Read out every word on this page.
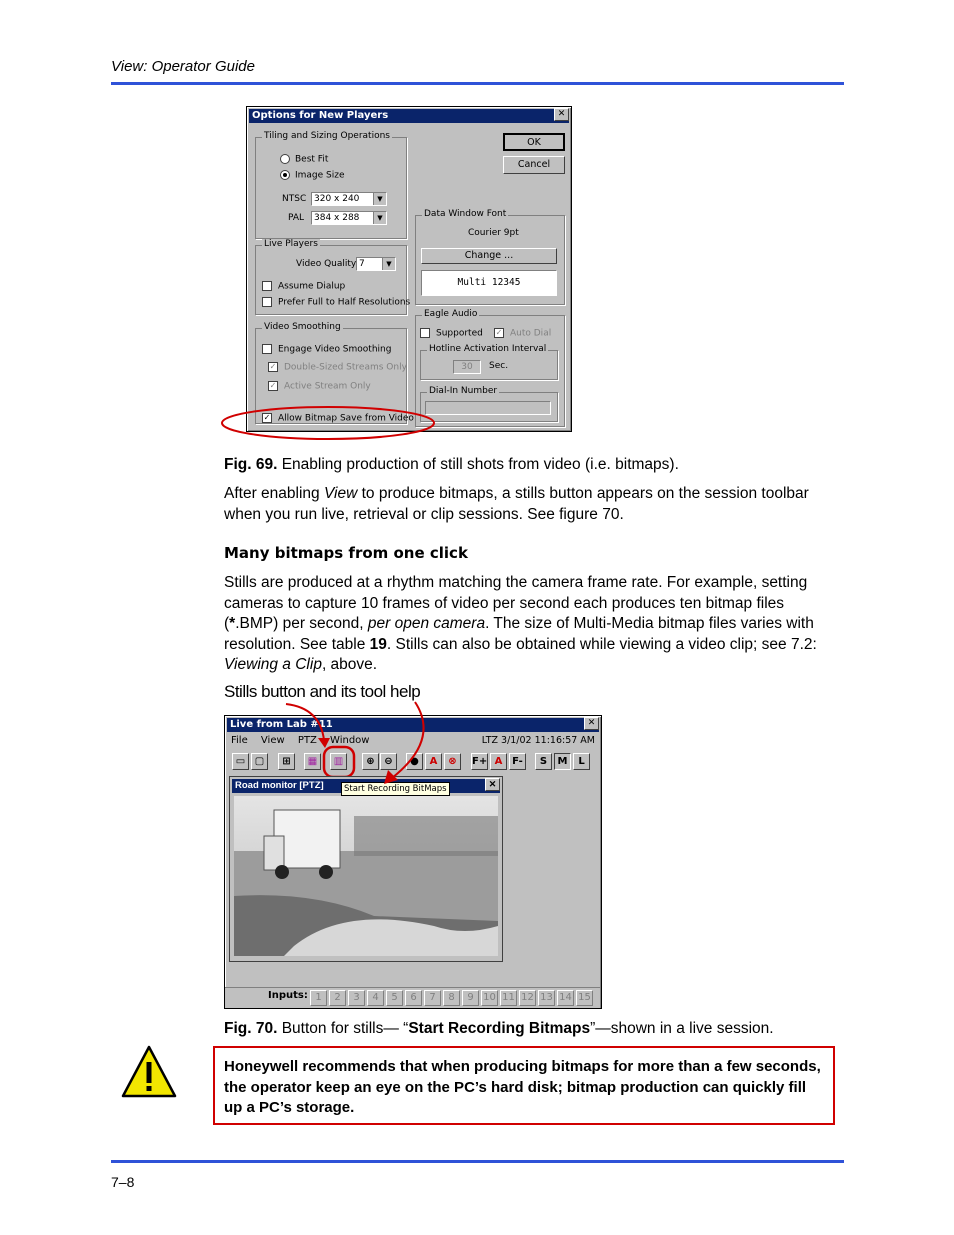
View: Operator Guide
Options for New Players	✕
Tiling and Sizing Operations
Best Fit
Image Size
NTSC 320 x 240	▼
PAL	384 x 288	▼
Live Players
Video Quality 7	▼
Assume Dialup
Prefer Full to Half Resolutions
Video Smoothing
Engage Video Smoothing
✓ Double-Sized Streams Only
✓ Active Stream Only
✓ Allow Bitmap Save from Video
OK
Cancel
Data Window Font
Courier 9pt
Change ...
Multi 12345
Eagle Audio
Supported ✓ Auto Dial
Hotline Activation Interval
30	Sec.
Dial-In Number
Fig. 69. Enabling production of still shots from video (i.e. bitmaps).
After enabling View to produce bitmaps, a stills button appears on the session toolbar when you run live, retrieval or clip sessions. See figure 70.
Many bitmaps from one click
Stills are produced at a rhythm matching the camera frame rate. For example, setting cameras to capture 10 frames of video per second each produces ten bitmap files (*.BMP) per second, per open camera. The size of Multi-Media bitmap files varies with resolution. See table 19. Stills can also be obtained while viewing a video clip; see 7.2: Viewing a Clip, above.
Stills button and its tool help
Live from Lab #11	✕
File View PTZ Window	LTZ 3/1/02 11:16:57 AM
▭ ▢	⊞	▦	▥	⊕ ⊖	●	A	⊗	F+ A F-	S	M	L
Road monitor [PTZ]	✕
Start Recording BitMaps
Inputs: 1	2	3	4	5	6	7	8	9 10 11 12 13 14 15
Fig. 70. Button for stills— “Start Recording Bitmaps”—shown in a live session.
Honeywell recommends that when producing bitmaps for more than a few seconds, the operator keep an eye on the PC’s hard disk; bitmap production can quickly fill up a PC’s storage.
7–8
